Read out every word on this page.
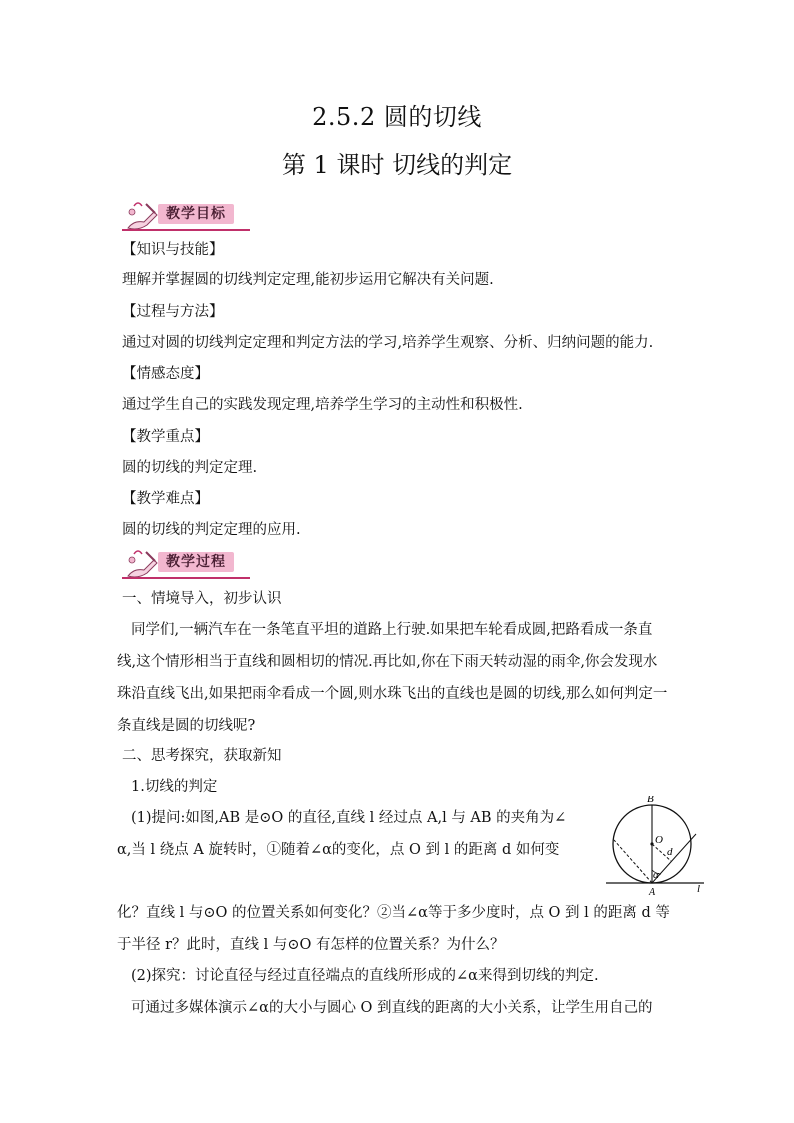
2.5.2 圆的切线
第 1 课时 切线的判定
教学目标
【知识与技能】
理解并掌握圆的切线判定定理,能初步运用它解决有关问题.
【过程与方法】
通过对圆的切线判定定理和判定方法的学习,培养学生观察、分析、归纳问题的能力.
【情感态度】
通过学生自己的实践发现定理,培养学生学习的主动性和积极性.
【教学重点】
圆的切线的判定定理.
【教学难点】
圆的切线的判定定理的应用.
教学过程
一、情境导入，初步认识
同学们,一辆汽车在一条笔直平坦的道路上行驶.如果把车轮看成圆,把路看成一条直
线,这个情形相当于直线和圆相切的情况.再比如,你在下雨天转动湿的雨伞,你会发现水
珠沿直线飞出,如果把雨伞看成一个圆,则水珠飞出的直线也是圆的切线,那么如何判定一
条直线是圆的切线呢?
二、思考探究，获取新知
1.切线的判定
(1)提问:如图,AB 是⊙O 的直径,直线 l 经过点 A,l 与 AB 的夹角为∠
α,当 l 绕点 A 旋转时，①随着∠α的变化，点 O 到 l 的距离 d 如何变
化？直线 l 与⊙O 的位置关系如何变化？②当∠α等于多少度时，点 O 到 l 的距离 d 等
于半径 r？此时，直线 l 与⊙O 有怎样的位置关系？为什么？
(2)探究：讨论直径与经过直径端点的直线所形成的∠α来得到切线的判定.
可通过多媒体演示∠α的大小与圆心 O 到直线的距离的大小关系，让学生用自己的
B
O
d
α
A	l
